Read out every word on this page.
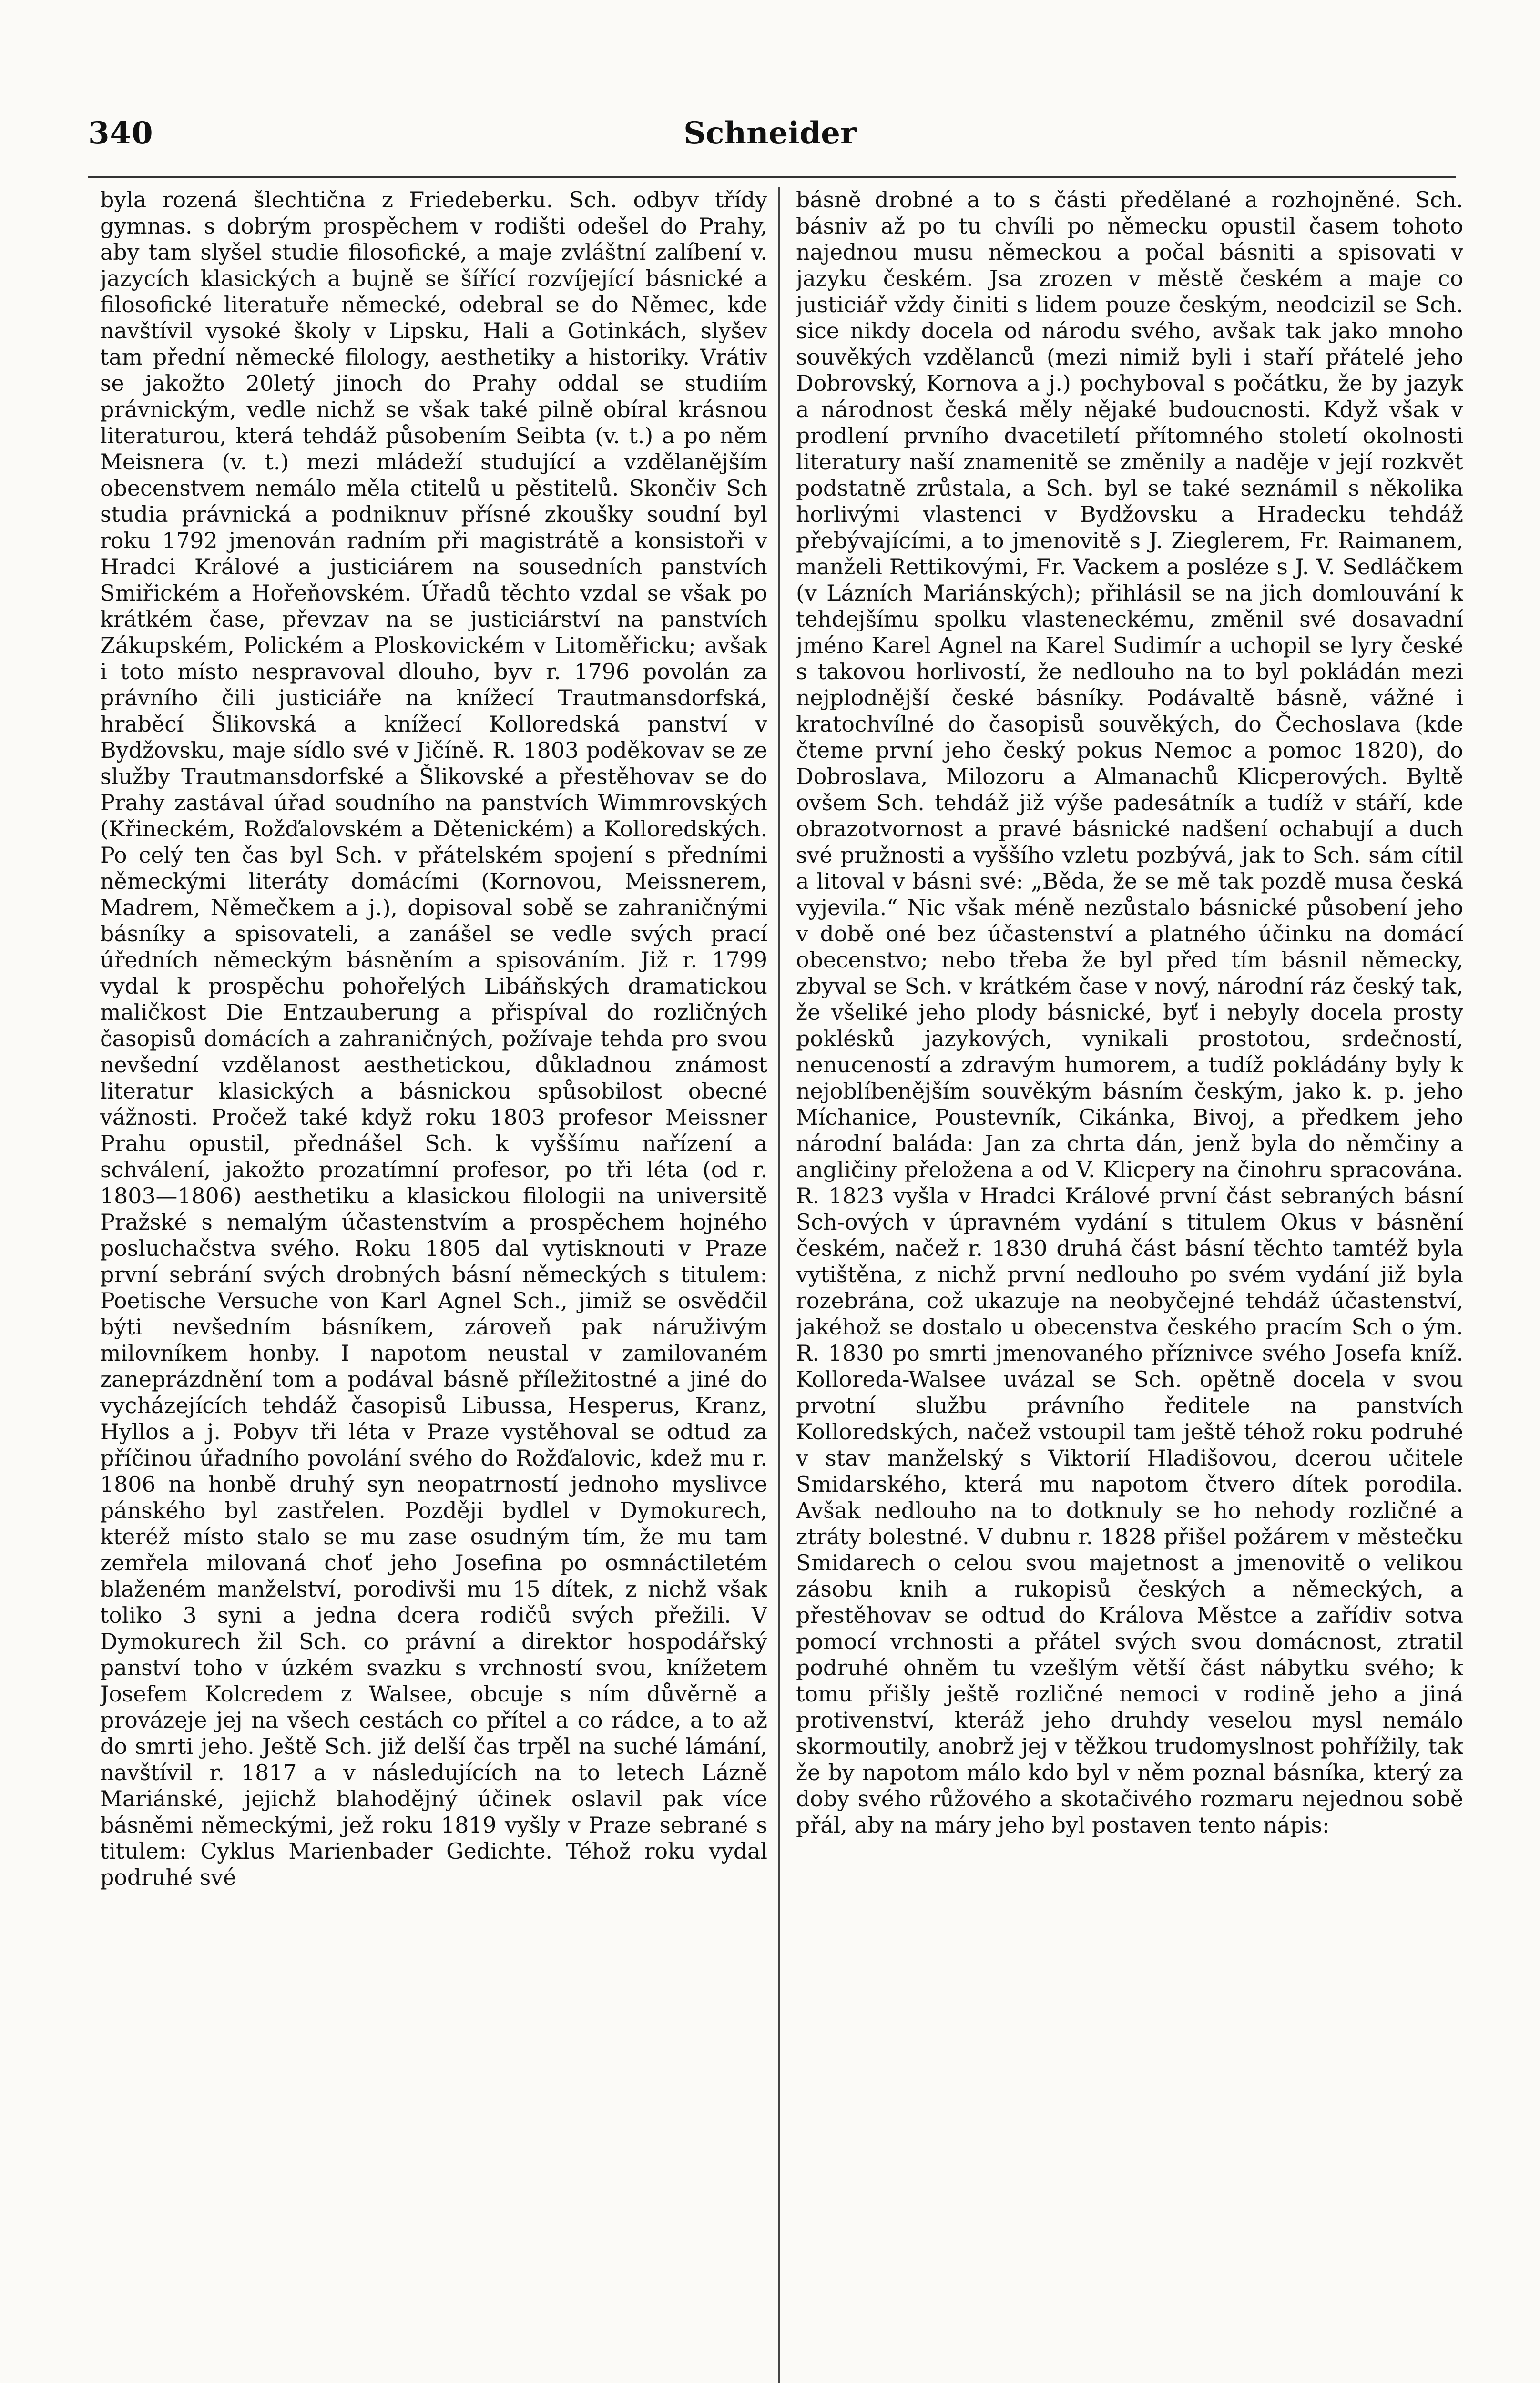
340	Schneider

byla rozená šlechtična z Friedeberku. Sch. odbyv třídy gymnas. s dobrým prospěchem v rodišti odešel do Prahy, aby tam slyšel studie filosofické, a maje zvláštní zalíbení v. jazycích klasických a bujně se šířící rozvíjející básnické a filosofické literatuře německé, odebral se do Němec, kde navštívil vysoké školy v Lipsku, Hali a Gotinkách, slyšev tam přední německé filology, aesthetiky a historiky. Vrátiv se jakožto 20letý jinoch do Prahy oddal se studiím právnickým, vedle nichž se však také pilně obíral krásnou literaturou, která tehdáž působením Seibta (v. t.) a po něm Meisnera (v. t.) mezi mládeží studující a vzdělanějším obecenstvem nemálo měla ctitelů u pěstitelů. Skončiv Sch studia právnická a podniknuv přísné zkoušky soudní byl roku 1792 jmenován radním při magistrátě a konsistoři v Hradci Králové a justiciárem na sousedních panstvích Smiřickém a Hořeňovském. Úřadů těchto vzdal se však po krátkém čase, převzav na se justiciárství na panstvích Zákupském, Polickém a Ploskovickém v Litoměřicku; avšak i toto místo nespravoval dlouho, byv r. 1796 povolán za právního čili justiciáře na knížecí Trautmansdorfská, hraběcí Šlikovská a knížecí Kolloredská panství v Bydžovsku, maje sídlo své v Jičíně. R. 1803 poděkovav se ze služby Trautmansdorfské a Šlikovské a přestěhovav se do Prahy zastával úřad soudního na panstvích Wimmrovských (Křineckém, Rožďalovském a Dětenickém) a Kolloredských. Po celý ten čas byl Sch. v přátelském spojení s předními německými literáty domácími (Kornovou, Meissnerem, Madrem, Němečkem a j.), dopisoval sobě se zahraničnými básníky a spisovateli, a zanášel se vedle svých prací úředních německým básněním a spisováním. Již r. 1799 vydal k prospěchu pohořelých Libáňských dramatickou maličkost Die Entzauberung a přispíval do rozličných časopisů domácích a zahraničných, požívaje tehda pro svou nevšední vzdělanost aesthetickou, důkladnou známost literatur klasických a básnickou spůsobilost obecné vážnosti. Pročež také když roku 1803 profesor Meissner Prahu opustil, přednášel Sch. k vyššímu nařízení a schválení, jakožto prozatímní profesor, po tři léta (od r. 1803—1806) aesthetiku a klasickou filologii na universitě Pražské s nemalým účastenstvím a prospěchem hojného posluchačstva svého. Roku 1805 dal vytisknouti v Praze první sebrání svých drobných básní německých s titulem: Poetische Versuche von Karl Agnel Sch., jimiž se osvědčil býti nevšedním básníkem, zároveň pak náruživým milovníkem honby. I napotom neustal v zamilovaném zaneprázdnění tom a podával básně příležitostné a jiné do vycházejících tehdáž časopisů Libussa, Hesperus, Kranz, Hyllos a j. Pobyv tři léta v Praze vystěhoval se odtud za příčinou úřadního povolání svého do Rožďalovic, kdež mu r. 1806 na honbě druhý syn neopatrností jednoho myslivce pánského byl zastřelen. Později bydlel v Dymokurech, kteréž místo stalo se mu zase osudným tím, že mu tam zemřela milovaná choť jeho Josefina po osmnáctiletém blaženém manželství, porodivši mu 15 dítek, z nichž však toliko 3 syni a jedna dcera rodičů svých přežili. V Dymokurech žil Sch. co právní a direktor hospodářský panství toho v úzkém svazku s vrchností svou, knížetem Josefem Kolcredem z Walsee, obcuje s ním důvěrně a provázeje jej na všech cestách co přítel a co rádce, a to až do smrti jeho. Ještě Sch. již delší čas trpěl na suché lámání, navštívil r. 1817 a v následujících na to letech Lázně Mariánské, jejichž blahodějný účinek oslavil pak více básněmi německými, jež roku 1819 vyšly v Praze sebrané s titulem: Cyklus Marienbader Gedichte. Téhož roku vydal podruhé své

básně drobné a to s části předělané a rozhojněné. Sch. básniv až po tu chvíli po německu opustil časem tohoto najednou musu německou a počal básniti a spisovati v jazyku českém. Jsa zrozen v městě českém a maje co justiciář vždy činiti s lidem pouze českým, neodcizil se Sch. sice nikdy docela od národu svého, avšak tak jako mnoho souvěkých vzdělanců (mezi nimiž byli i staří přátelé jeho Dobrovský, Kornova a j.) pochyboval s počátku, že by jazyk a národnost česká měly nějaké budoucnosti. Když však v prodlení prvního dvacetiletí přítomného století okolnosti literatury naší znamenitě se změnily a naděje v její rozkvět podstatně zrůstala, a Sch. byl se také seznámil s několika horlivými vlastenci v Bydžovsku a Hradecku tehdáž přebývajícími, a to jmenovitě s J. Zieglerem, Fr. Raimanem, manželi Rettikovými, Fr. Vackem a posléze s J. V. Sedláčkem (v Lázních Mariánských); přihlásil se na jich domlouvání k tehdejšímu spolku vlasteneckému, změnil své dosavadní jméno Karel Agnel na Karel Sudimír a uchopil se lyry české s takovou horlivostí, že nedlouho na to byl pokládán mezi nejplodnější české básníky. Podávaltě básně, vážné i kratochvílné do časopisů souvěkých, do Čechoslava (kde čteme první jeho český pokus Nemoc a pomoc 1820), do Dobroslava, Milozoru a Almanachů Klicperových. Byltě ovšem Sch. tehdáž již výše padesátník a tudíž v stáří, kde obrazotvornost a pravé básnické nadšení ochabují a duch své pružnosti a vyššího vzletu pozbývá, jak to Sch. sám cítil a litoval v básni své: „Běda, že se mě tak pozdě musa česká vyjevila.“ Nic však méně nezůstalo básnické působení jeho v době oné bez účastenství a platného účinku na domácí obecenstvo; nebo třeba že byl před tím básnil německy, zbyval se Sch. v krátkém čase v nový, národní ráz český tak, že všeliké jeho plody básnické, byť i nebyly docela prosty poklésků jazykových, vynikali prostotou, srdečností, nenuceností a zdravým humorem, a tudíž pokládány byly k nejoblíbenějším souvěkým básním českým, jako k. p. jeho Míchanice, Poustevník, Cikánka, Bivoj, a předkem jeho národní baláda: Jan za chrta dán, jenž byla do němčiny a angličiny přeložena a od V. Klicpery na činohru spracována. R. 1823 vyšla v Hradci Králové první část sebraných básní Sch-ových v úpravném vydání s titulem Okus v básnění českém, načež r. 1830 druhá část básní těchto tamtéž byla vytištěna, z nichž první nedlouho po svém vydání již byla rozebrána, což ukazuje na neobyčejné tehdáž účastenství, jakéhož se dostalo u obecenstva českého pracím Sch o ým. R. 1830 po smrti jmenovaného příznivce svého Josefa kníž. Kolloreda-Walsee uvázal se Sch. opětně docela v svou prvotní službu právního ředitele na panstvích Kolloredských, načež vstoupil tam ještě téhož roku podruhé v stav manželský s Viktorií Hladišovou, dcerou učitele Smidarského, která mu napotom čtvero dítek porodila. Avšak nedlouho na to dotknuly se ho nehody rozličné a ztráty bolestné. V dubnu r. 1828 přišel požárem v městečku Smidarech o celou svou majetnost a jmenovitě o velikou zásobu knih a rukopisů českých a německých, a přestěhovav se odtud do Králova Městce a zařídiv sotva pomocí vrchnosti a přátel svých svou domácnost, ztratil podruhé ohněm tu vzešlým větší část nábytku svého; k tomu přišly ještě rozličné nemoci v rodině jeho a jiná protivenství, kteráž jeho druhdy veselou mysl nemálo skormoutily, anobrž jej v těžkou trudomyslnost pohřížily, tak že by napotom málo kdo byl v něm poznal básníka, který za doby svého růžového a skotačivého rozmaru nejednou sobě přál, aby na máry jeho byl postaven tento nápis:
